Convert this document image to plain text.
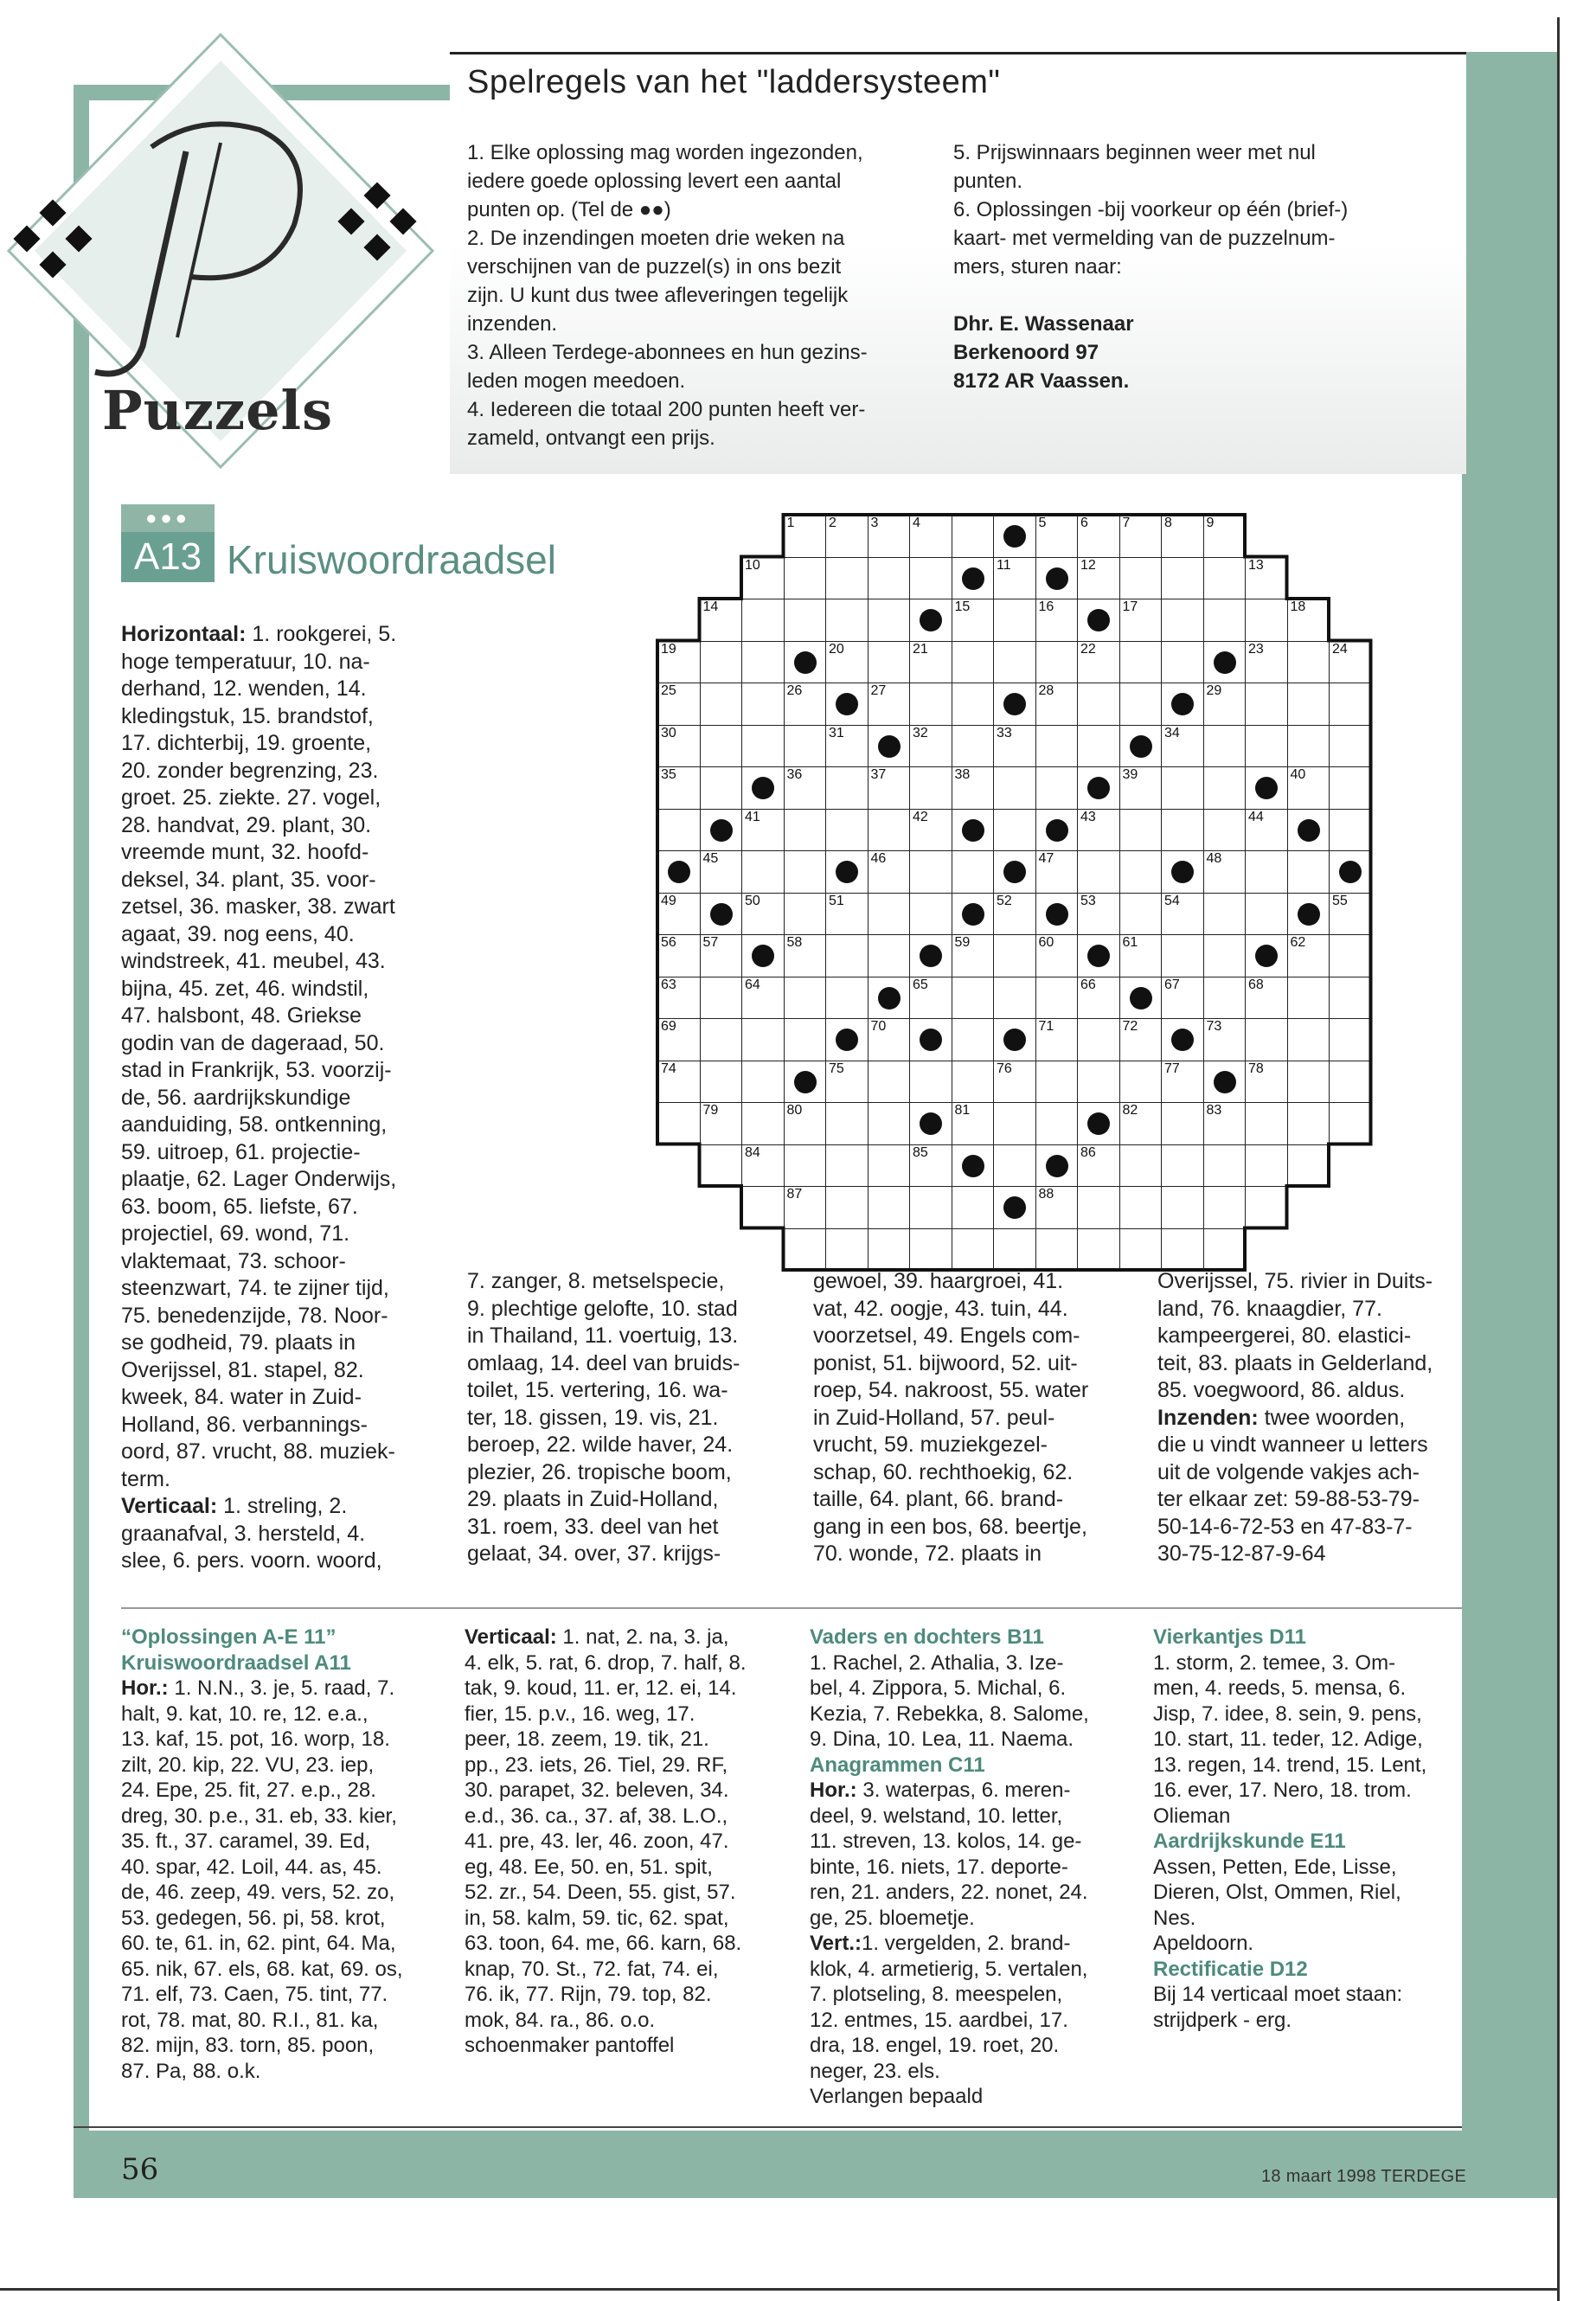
Puzzels
Spelregels van het "laddersysteem"
1. Elke oplossing mag worden ingezonden,
iedere goede oplossing levert een aantal
punten op. (Tel de ●●)
2. De inzendingen moeten drie weken na
verschijnen van de puzzel(s) in ons bezit
zijn. U kunt dus twee afleveringen tegelijk
inzenden.
3. Alleen Terdege-abonnees en hun gezins-
leden mogen meedoen.
4. Iedereen die totaal 200 punten heeft ver-
zameld, ontvangt een prijs.
5. Prijswinnaars beginnen weer met nul
punten.
6. Oplossingen -bij voorkeur op één (brief-)
kaart- met vermelding van de puzzelnum-
mers, sturen naar:
Dhr. E. Wassenaar
Berkenoord 97
8172 AR Vaassen.
●●●
A13 Kruiswoordraadsel
1 2 3 4	5 6 7 8 9
10	11	12	13
14	15	16	17	18
19	20	21	22	23	24
25	26	27	28	29
30	31	32	33	34
35	36	37	38	39	40
41	42	43	44
45	46	47	48
49	50	51	52	53	54	55
56 57	58	59	60	61	62
63	64	65	66	67	68
69	70	71	72	73
74	75	76	77	78
79	80	81	82	83
84	85	86
87	88
Horizontaal: 1. rookgerei, 5.
hoge temperatuur, 10. na-
derhand, 12. wenden, 14.
kledingstuk, 15. brandstof,
17. dichterbij, 19. groente,
20. zonder begrenzing, 23.
groet. 25. ziekte. 27. vogel,
28. handvat, 29. plant, 30.
vreemde munt, 32. hoofd-
deksel, 34. plant, 35. voor-
zetsel, 36. masker, 38. zwart
agaat, 39. nog eens, 40.
windstreek, 41. meubel, 43.
bijna, 45. zet, 46. windstil,
47. halsbont, 48. Griekse
godin van de dageraad, 50.
stad in Frankrijk, 53. voorzij-
de, 56. aardrijkskundige
aanduiding, 58. ontkenning,
59. uitroep, 61. projectie-
plaatje, 62. Lager Onderwijs,
63. boom, 65. liefste, 67.
projectiel, 69. wond, 71.
vlaktemaat, 73. schoor-
steenzwart, 74. te zijner tijd,
75. benedenzijde, 78. Noor-
se godheid, 79. plaats in
Overijssel, 81. stapel, 82.
kweek, 84. water in Zuid-
Holland, 86. verbannings-
oord, 87. vrucht, 88. muziek-
term.
Verticaal: 1. streling, 2.
graanafval, 3. hersteld, 4.
slee, 6. pers. voorn. woord,
7. zanger, 8. metselspecie,
9. plechtige gelofte, 10. stad
in Thailand, 11. voertuig, 13.
omlaag, 14. deel van bruids-
toilet, 15. vertering, 16. wa-
ter, 18. gissen, 19. vis, 21.
beroep, 22. wilde haver, 24.
plezier, 26. tropische boom,
29. plaats in Zuid-Holland,
31. roem, 33. deel van het
gelaat, 34. over, 37. krijgs-
gewoel, 39. haargroei, 41.
vat, 42. oogje, 43. tuin, 44.
voorzetsel, 49. Engels com-
ponist, 51. bijwoord, 52. uit-
roep, 54. nakroost, 55. water
in Zuid-Holland, 57. peul-
vrucht, 59. muziekgezel-
schap, 60. rechthoekig, 62.
taille, 64. plant, 66. brand-
gang in een bos, 68. beertje,
70. wonde, 72. plaats in
Overijssel, 75. rivier in Duits-
land, 76. knaagdier, 77.
kampeergerei, 80. elastici-
teit, 83. plaats in Gelderland,
85. voegwoord, 86. aldus.
Inzenden: twee woorden,
die u vindt wanneer u letters
uit de volgende vakjes ach-
ter elkaar zet: 59-88-53-79-
50-14-6-72-53 en 47-83-7-
30-75-12-87-9-64
“Oplossingen A-E 11”
Kruiswoordraadsel A11
Hor.: 1. N.N., 3. je, 5. raad, 7.
halt, 9. kat, 10. re, 12. e.a.,
13. kaf, 15. pot, 16. worp, 18.
zilt, 20. kip, 22. VU, 23. iep,
24. Epe, 25. fit, 27. e.p., 28.
dreg, 30. p.e., 31. eb, 33. kier,
35. ft., 37. caramel, 39. Ed,
40. spar, 42. Loil, 44. as, 45.
de, 46. zeep, 49. vers, 52. zo,
53. gedegen, 56. pi, 58. krot,
60. te, 61. in, 62. pint, 64. Ma,
65. nik, 67. els, 68. kat, 69. os,
71. elf, 73. Caen, 75. tint, 77.
rot, 78. mat, 80. R.I., 81. ka,
82. mijn, 83. torn, 85. poon,
87. Pa, 88. o.k.
Verticaal: 1. nat, 2. na, 3. ja,
4. elk, 5. rat, 6. drop, 7. half, 8.
tak, 9. koud, 11. er, 12. ei, 14.
fier, 15. p.v., 16. weg, 17.
peer, 18. zeem, 19. tik, 21.
pp., 23. iets, 26. Tiel, 29. RF,
30. parapet, 32. beleven, 34.
e.d., 36. ca., 37. af, 38. L.O.,
41. pre, 43. ler, 46. zoon, 47.
eg, 48. Ee, 50. en, 51. spit,
52. zr., 54. Deen, 55. gist, 57.
in, 58. kalm, 59. tic, 62. spat,
63. toon, 64. me, 66. karn, 68.
knap, 70. St., 72. fat, 74. ei,
76. ik, 77. Rijn, 79. top, 82.
mok, 84. ra., 86. o.o.
schoenmaker pantoffel
Vaders en dochters B11
1. Rachel, 2. Athalia, 3. Ize-
bel, 4. Zippora, 5. Michal, 6.
Kezia, 7. Rebekka, 8. Salome,
9. Dina, 10. Lea, 11. Naema.
Anagrammen C11
Hor.: 3. waterpas, 6. meren-
deel, 9. welstand, 10. letter,
11. streven, 13. kolos, 14. ge-
binte, 16. niets, 17. deporte-
ren, 21. anders, 22. nonet, 24.
ge, 25. bloemetje.
Vert.:1. vergelden, 2. brand-
klok, 4. armetierig, 5. vertalen,
7. plotseling, 8. meespelen,
12. entmes, 15. aardbei, 17.
dra, 18. engel, 19. roet, 20.
neger, 23. els.
Verlangen bepaald
Vierkantjes D11
1. storm, 2. temee, 3. Om-
men, 4. reeds, 5. mensa, 6.
Jisp, 7. idee, 8. sein, 9. pens,
10. start, 11. teder, 12. Adige,
13. regen, 14. trend, 15. Lent,
16. ever, 17. Nero, 18. trom.
Olieman
Aardrijkskunde E11
Assen, Petten, Ede, Lisse,
Dieren, Olst, Ommen, Riel,
Nes.
Apeldoorn.
Rectificatie D12
Bij 14 verticaal moet staan:
strijdperk - erg.
56	18 maart 1998 TERDEGE
